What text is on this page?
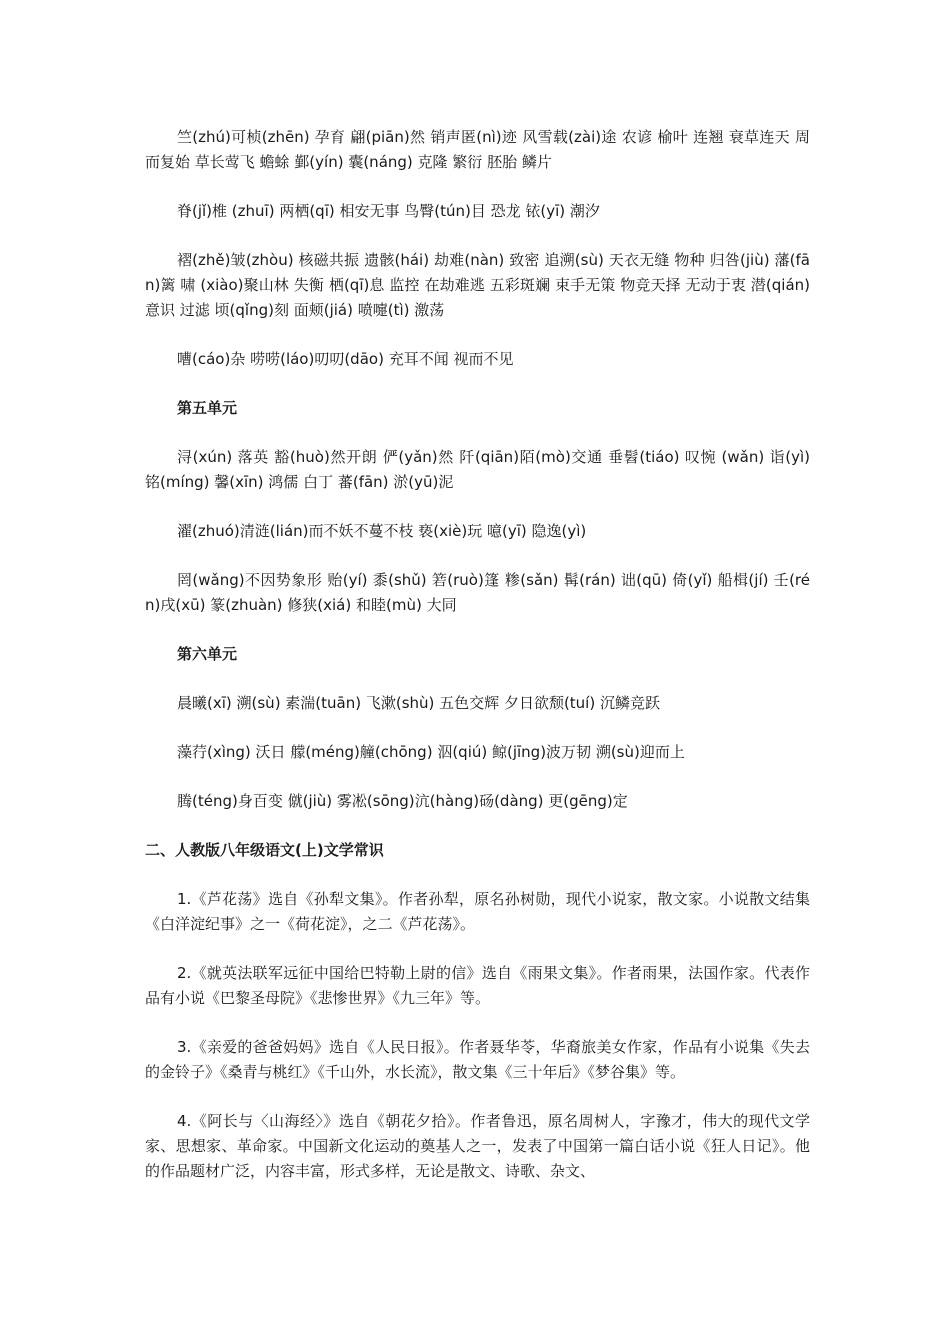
竺(zhú)可桢(zhēn) 孕育 翩(piān)然 销声匿(nì)迹 风雪载(zài)途 农谚 榆叶 连翘 衰草连天 周而复始 草长莺飞 蟾蜍 鄞(yín) 囊(náng) 克隆 繁衍 胚胎 鳞片

脊(jǐ)椎 (zhuī) 两栖(qī) 相安无事 鸟臀(tún)目 恐龙 铱(yī) 潮汐

褶(zhě)皱(zhòu) 核磁共振 遗骸(hái) 劫难(nàn) 致密 追溯(sù) 天衣无缝 物种 归咎(jiù) 藩(fān)篱 啸 (xiào)聚山林 失衡 栖(qī)息 监控 在劫难逃 五彩斑斓 束手无策 物竞天择 无动于衷 潜(qián)意识 过滤 顷(qǐng)刻 面颊(jiá) 喷嚏(tì) 激荡

嘈(cáo)杂 唠唠(láo)叨叨(dāo) 充耳不闻 视而不见

第五单元

浔(xún) 落英 豁(huò)然开朗 俨(yǎn)然 阡(qiān)陌(mò)交通 垂髫(tiáo) 叹惋 (wǎn) 诣(yì) 铭(míng) 馨(xīn) 鸿儒 白丁 蕃(fān) 淤(yū)泥

濯(zhuó)清涟(lián)而不妖不蔓不枝 亵(xiè)玩 噫(yī) 隐逸(yì)

罔(wǎng)不因势象形 贻(yí) 黍(shǔ) 箬(ruò)篷 糁(sǎn) 髯(rán) 诎(qū) 倚(yǐ) 船楫(jí) 壬(rén)戌(xū) 篆(zhuàn) 修狭(xiá) 和睦(mù) 大同

第六单元

晨曦(xī) 溯(sù) 素湍(tuān) 飞漱(shù) 五色交辉 夕日欲颓(tuí) 沉鳞竞跃

藻荇(xìng) 沃日 艨(méng)艟(chōng) 泅(qiú) 鲸(jīng)波万韧 溯(sù)迎而上

腾(téng)身百变 僦(jiù) 雾凇(sōng)沆(hàng)砀(dàng) 更(gēng)定

二、人教版八年级语文(上)文学常识

1.《芦花荡》选自《孙犁文集》。作者孙犁，原名孙树勋，现代小说家，散文家。小说散文结集《白洋淀纪事》之一《荷花淀》，之二《芦花荡》。

2.《就英法联军远征中国给巴特勒上尉的信》选自《雨果文集》。作者雨果，法国作家。代表作品有小说《巴黎圣母院》《悲惨世界》《九三年》等。

3.《亲爱的爸爸妈妈》选自《人民日报》。作者聂华苓，华裔旅美女作家，作品有小说集《失去的金铃子》《桑青与桃红》《千山外，水长流》，散文集《三十年后》《梦谷集》等。

4.《阿长与〈山海经〉》选自《朝花夕拾》。作者鲁迅，原名周树人，字豫才，伟大的现代文学家、思想家、革命家。中国新文化运动的奠基人之一，发表了中国第一篇白话小说《狂人日记》。他的作品题材广泛，内容丰富，形式多样，无论是散文、诗歌、杂文、
